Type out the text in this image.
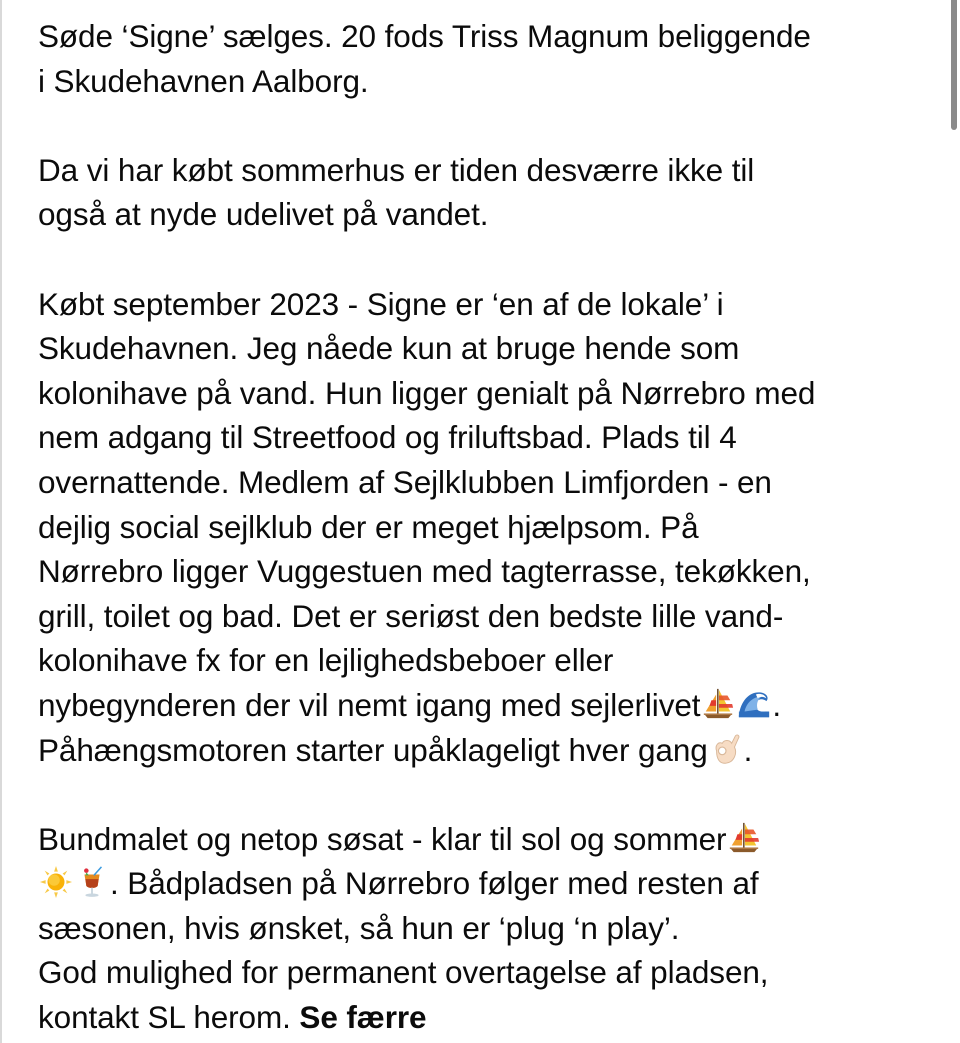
Søde ‘Signe’ sælges. 20 fods Triss Magnum beliggende
i Skudehavnen Aalborg.
Da vi har købt sommerhus er tiden desværre ikke til
også at nyde udelivet på vandet.
Købt september 2023 - Signe er ‘en af de lokale’ i
Skudehavnen. Jeg nåede kun at bruge hende som
kolonihave på vand. Hun ligger genialt på Nørrebro med
nem adgang til Streetfood og friluftsbad. Plads til 4
overnattende. Medlem af Sejlklubben Limfjorden - en
dejlig social sejlklub der er meget hjælpsom. På
Nørrebro ligger Vuggestuen med tagterrasse, tekøkken,
grill, toilet og bad. Det er seriøst den bedste lille vand-
kolonihave fx for en lejlighedsbeboer eller
nybegynderen der vil nemt igang med sejlerlivet .
Påhængsmotoren starter upåklageligt hver gang .
Bundmalet og netop søsat - klar til sol og sommer
. Bådpladsen på Nørrebro følger med resten af
sæsonen, hvis ønsket, så hun er ‘plug ‘n play’.
God mulighed for permanent overtagelse af pladsen,
kontakt SL herom. Se færre
